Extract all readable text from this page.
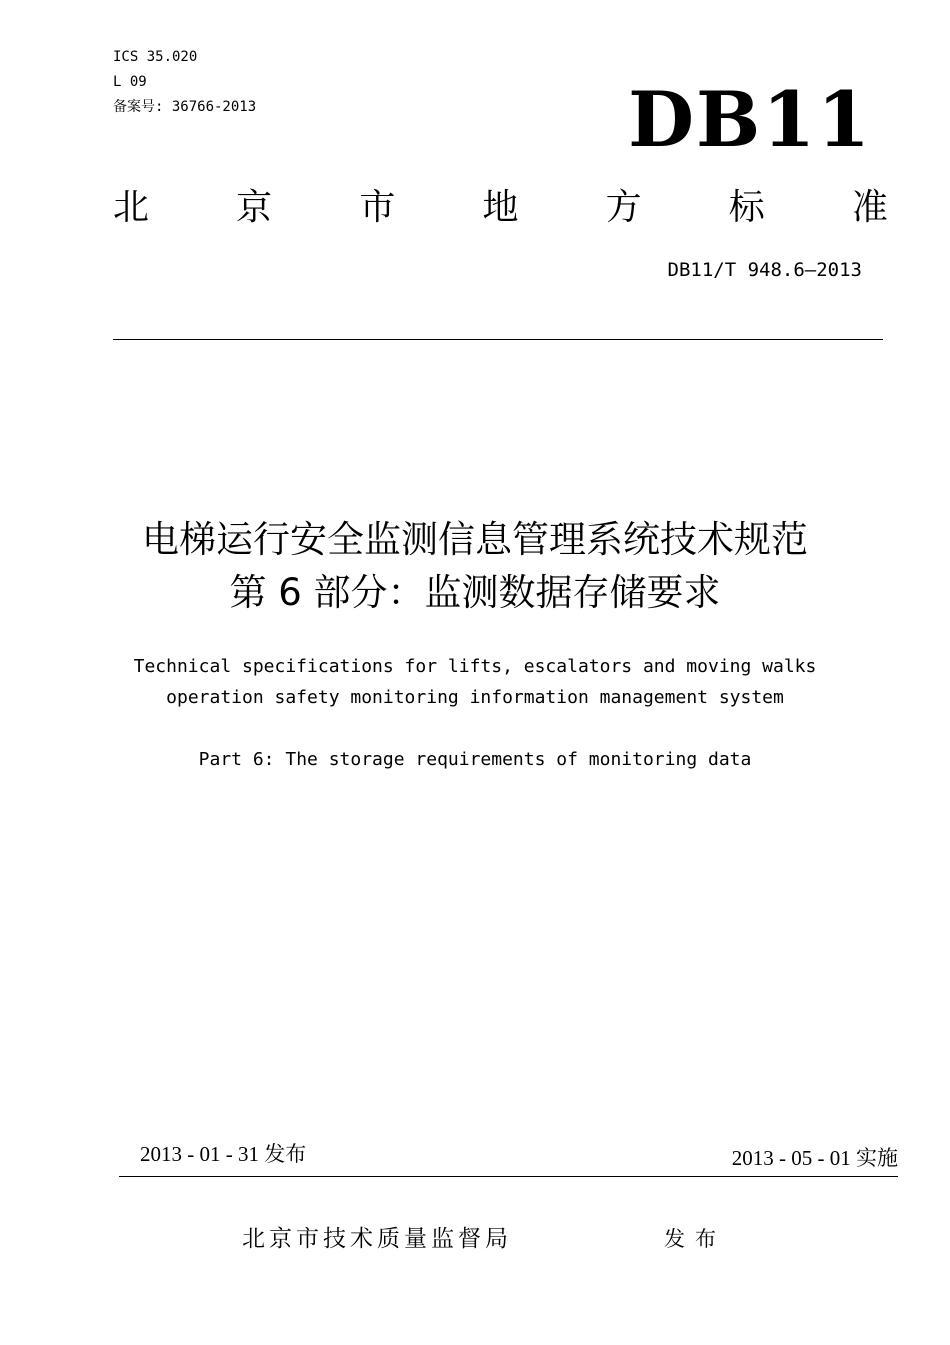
ICS 35.020
L 09
备案号: 36766-2013	DB11
北 京 市 地 方 标 准
DB11/T 948.6—2013
电梯运行安全监测信息管理系统技术规范
第 6 部分：监测数据存储要求
Technical specifications for lifts, escalators and moving walks
operation safety monitoring information management system
Part 6: The storage requirements of monitoring data
2013 - 01 - 31 发布	2013 - 05 - 01 实施
北京市技术质量监督局	发布
